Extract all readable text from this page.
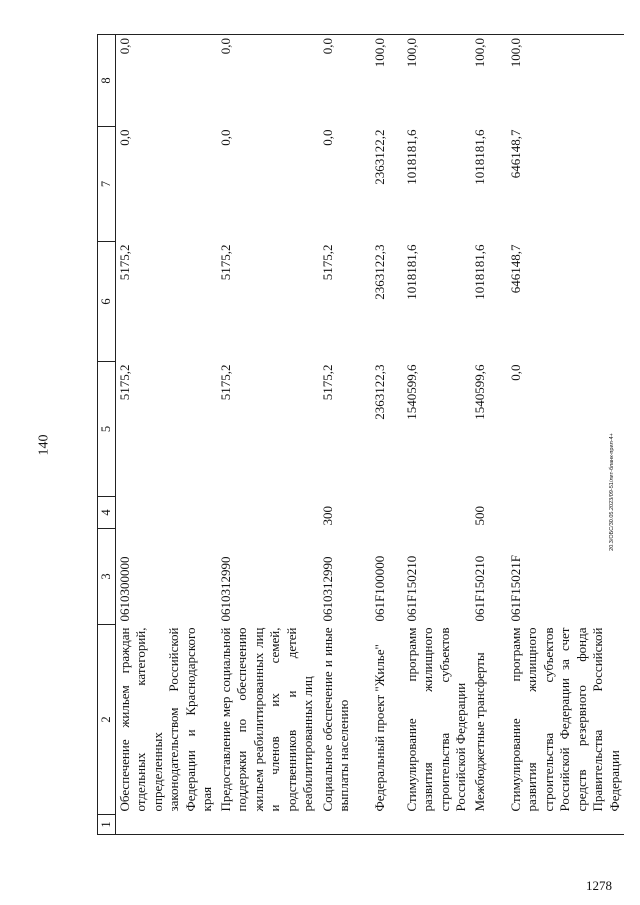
140	20.3/ОБС/30.05.2023/09-51/лит-бланк-прил-4+
1278
1	2	3	4	5	6	7	8
	Обеспечение жильем граждан отдельных категорий, определенных законодательством Российской Федерации и Краснодарского края	0610300000		5175,2	5175,2	0,0	0,0
	Предоставление мер социальной поддержки по обеспечению жильем реабилитированных лиц и членов их семей, родственников и детей реабилитированных лиц	0610312990		5175,2	5175,2	0,0	0,0
	Социальное обеспечение и иные выплаты населению	0610312990	300	5175,2	5175,2	0,0	0,0
	Федеральный проект "Жилье"	061F100000		2363122,3	2363122,3	2363122,2	100,0
	Стимулирование программ развития жилищного строительства субъектов Российской Федерации	061F150210		1540599,6	1018181,6	1018181,6	100,0
	Межбюджетные трансферты	061F150210	500	1540599,6	1018181,6	1018181,6	100,0
	Стимулирование программ развития жилищного строительства субъектов Российской Федерации за счет средств резервного фонда Правительства Российской Федерации	061F15021F		0,0	646148,7	646148,7	100,0
